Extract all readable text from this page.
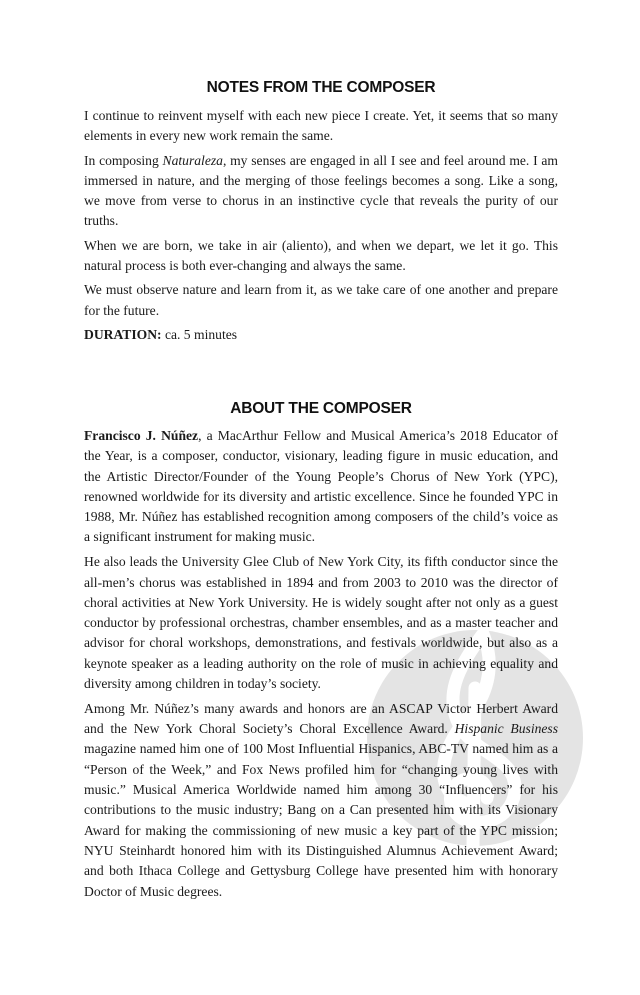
NOTES FROM THE COMPOSER

I continue to reinvent myself with each new piece I create. Yet, it seems that so many elements in every new work remain the same.

In composing Naturaleza, my senses are engaged in all I see and feel around me. I am immersed in nature, and the merging of those feelings becomes a song. Like a song, we move from verse to chorus in an instinctive cycle that reveals the purity of our truths.

When we are born, we take in air (aliento), and when we depart, we let it go. This natural process is both ever-changing and always the same.

We must observe nature and learn from it, as we take care of one another and prepare for the future.

DURATION: ca. 5 minutes

ABOUT THE COMPOSER

Francisco J. Núñez, a MacArthur Fellow and Musical America’s 2018 Educator of the Year, is a composer, conductor, visionary, leading figure in music education, and the Artistic Director/Founder of the Young People’s Chorus of New York (YPC), renowned worldwide for its diversity and artistic excellence. Since he founded YPC in 1988, Mr. Núñez has established recognition among composers of the child’s voice as a significant instrument for making music.

He also leads the University Glee Club of New York City, its fifth conductor since the all-men’s chorus was established in 1894 and from 2003 to 2010 was the director of choral activities at New York University. He is widely sought after not only as a guest conductor by professional orchestras, chamber ensembles, and as a master teacher and advisor for choral workshops, demonstrations, and festivals worldwide, but also as a keynote speaker as a leading authority on the role of music in achieving equality and diversity among children in today’s society.

Among Mr. Núñez’s many awards and honors are an ASCAP Victor Herbert Award and the New York Choral Society’s Choral Excellence Award. Hispanic Business magazine named him one of 100 Most Influential Hispanics, ABC-TV named him as a “Person of the Week,” and Fox News profiled him for “changing young lives with music.” Musical America Worldwide named him among 30 “Influencers” for his contributions to the music industry; Bang on a Can presented him with its Visionary Award for making the commissioning of new music a key part of the YPC mission; NYU Steinhardt honored him with its Distinguished Alumnus Achievement Award; and both Ithaca College and Gettysburg College have presented him with honorary Doctor of Music degrees.
